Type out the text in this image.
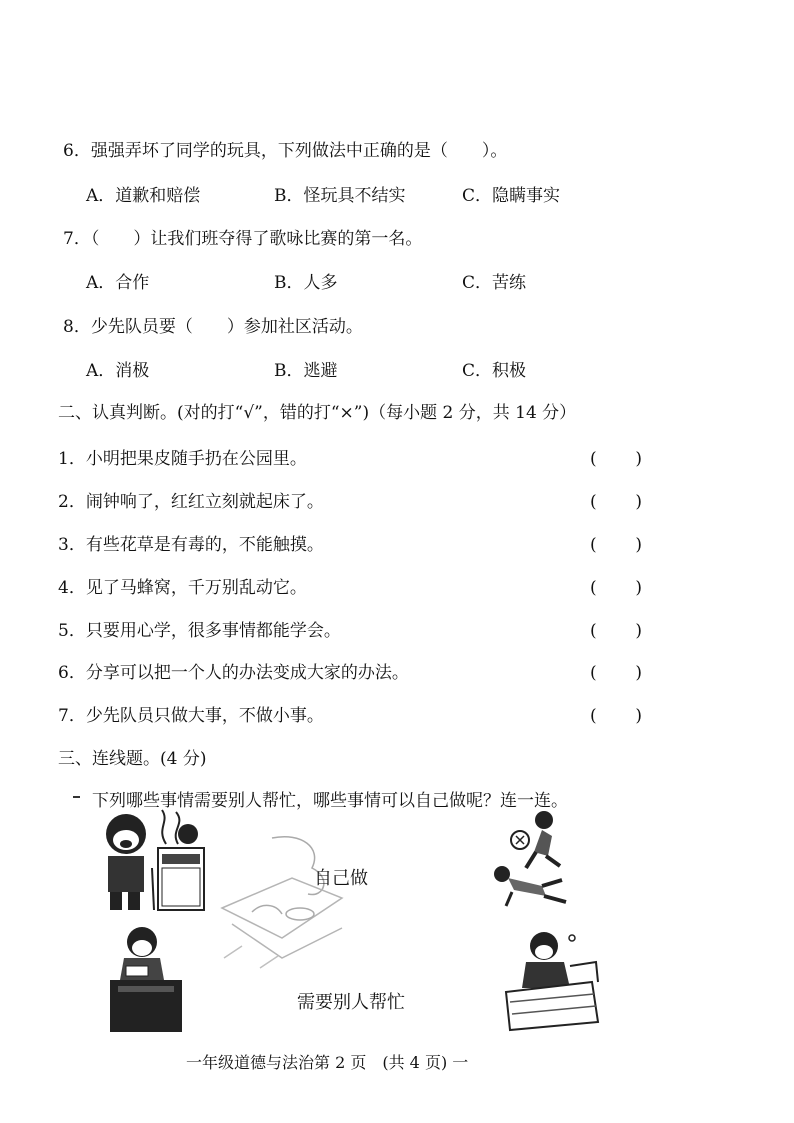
6．强强弄坏了同学的玩具，下列做法中正确的是（　　）。
A．道歉和赔偿	B．怪玩具不结实	C．隐瞒事实
7．（　　）让我们班夺得了歌咏比赛的第一名。
A．合作	B．人多	C．苦练
8．少先队员要（　　）参加社区活动。
A．消极	B．逃避	C．积极
二、认真判断。(对的打“√”，错的打“×”)（每小题 2 分，共 14 分）
1．小明把果皮随手扔在公园里。	( )
2．闹钟响了，红红立刻就起床了。	( )
3．有些花草是有毒的，不能触摸。	( )
4．见了马蜂窝，千万别乱动它。	( )
5．只要用心学，很多事情都能学会。	( )
6．分享可以把一个人的办法变成大家的办法。	( )
7．少先队员只做大事，不做小事。	( )
三、连线题。(4 分)
下列哪些事情需要别人帮忙，哪些事情可以自己做呢？连一连。
自己做
需要别人帮忙
一年级道德与法治第 2 页　(共 4 页) 一
